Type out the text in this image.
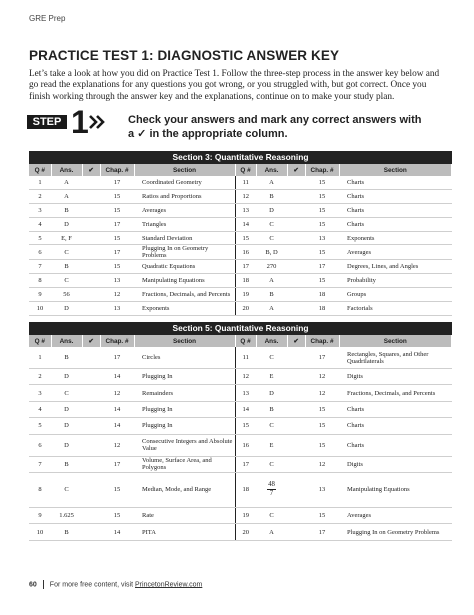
GRE Prep
PRACTICE TEST 1: DIAGNOSTIC ANSWER KEY

Let’s take a look at how you did on Practice Test 1. Follow the three-step process in the answer key below and go read the explanations for any questions you got wrong, or you struggled with, but got correct. Once you finish working through the answer key and the explanations, continue on to make your study plan.

STEP 1	Check your answers and mark any correct answers with a ✓ in the appropriate column.

Section 3: Quantitative Reasoning
Q #	Ans.	✔	Chap. #	Section	Q #	Ans.	✔	Chap. #	Section
1	A		17	Coordinated Geometry	11	A		15	Charts
2	A		15	Ratios and Proportions	12	B		15	Charts
3	B		15	Averages	13	D		15	Charts
4	D		17	Triangles	14	C		15	Charts
5	E, F		15	Standard Deviation	15	C		13	Exponents
6	C		17	Plugging In on Geometry Problems	16	B, D		15	Averages
7	B		15	Quadratic Equations	17	270		17	Degrees, Lines, and Angles
8	C		13	Manipulating Equations	18	A		15	Probability
9	56		12	Fractions, Decimals, and Percents	19	B		18	Groups
10	D		13	Exponents	20	A		18	Factorials
Section 5: Quantitative Reasoning
Q #	Ans.	✔	Chap. #	Section	Q #	Ans.	✔	Chap. #	Section
1	B		17	Circles	11	C		17	Rectangles, Squares, and Other Quadrilaterals
2	D		14	Plugging In	12	E		12	Digits
3	C		12	Remainders	13	D		12	Fractions, Decimals, and Percents
4	D		14	Plugging In	14	B		15	Charts
5	D		14	Plugging In	15	C		15	Charts
6	D		12	Consecutive Integers and Absolute Value	16	E		15	Charts
7	B		17	Volume, Surface Area, and Polygons	17	C		12	Digits
8	C		15	Median, Mode, and Range	18	$\frac{48}{7}$		13	Manipulating Equations
9	1.625		15	Rate	19	C		15	Averages
10	B		14	PITA	20	A		17	Plugging In on Geometry Problems
60 For more free content, visit PrincetonReview.com
